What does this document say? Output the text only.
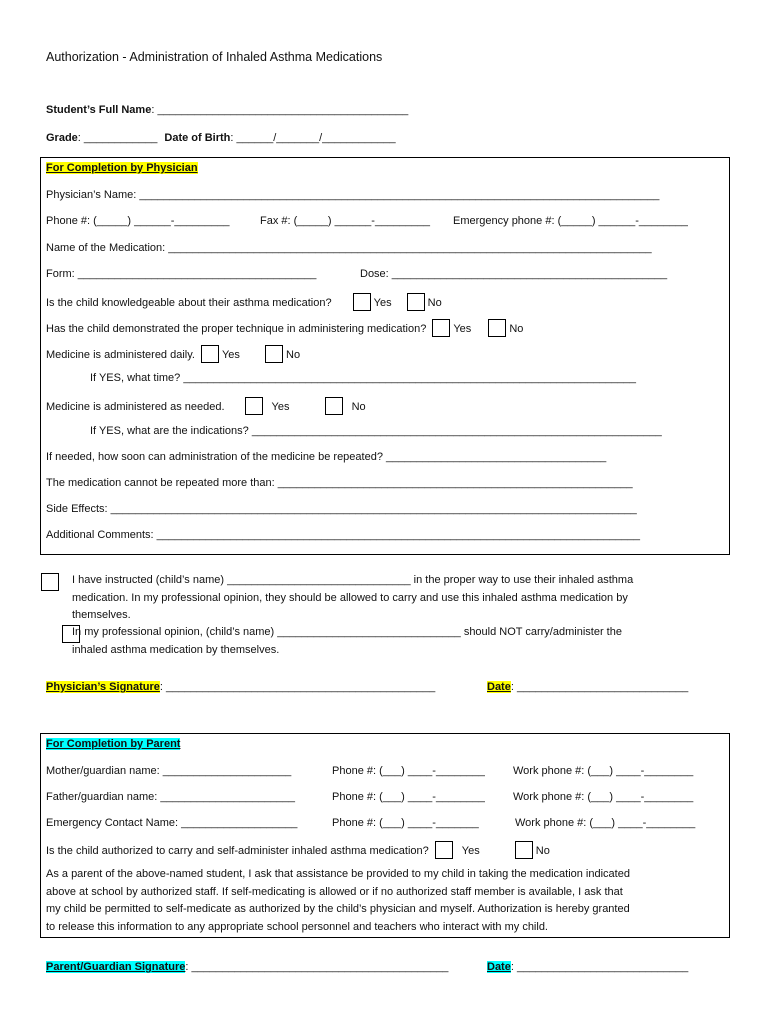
Authorization - Administration of Inhaled Asthma Medications
Student’s Full Name: _________________________________________
Grade: ____________ Date of Birth: ______/_______/____________
For Completion by Physician
Physician’s Name: _____________________________________________________________________________________
Phone #: (_____) ______-_________	Fax #: (_____) ______-_________ Emergency phone #: (_____) ______-________
Name of the Medication: _______________________________________________________________________________
Form: _______________________________________	Dose: _____________________________________________
Is the child knowledgeable about their asthma medication?	Yes	No
Has the child demonstrated the proper technique in administering medication? Yes	No
Medicine is administered daily. Yes	No
If YES, what time? __________________________________________________________________________
Medicine is administered as needed.	Yes	No
If YES, what are the indications? ___________________________________________________________________
If needed, how soon can administration of the medicine be repeated? ____________________________________
The medication cannot be repeated more than: __________________________________________________________
Side Effects: ______________________________________________________________________________________
Additional Comments: _______________________________________________________________________________

I have instructed (child’s name) ______________________________ in the proper way to use their inhaled asthma
medication. In my professional opinion, they should be allowed to carry and use this inhaled asthma medication by
themselves.
In my professional opinion, (child’s name) ______________________________ should NOT carry/administer the
inhaled asthma medication by themselves.
Physician’s Signature: ____________________________________________	Date: ____________________________
For Completion by Parent
Mother/guardian name: _____________________	Phone #: (___) ____-________	Work phone #: (___) ____-________
Father/guardian name: ______________________	Phone #: (___) ____-________	Work phone #: (___) ____-________
Emergency Contact Name: ___________________	Phone #: (___) ____-_______	Work phone #: (___) ____-________
Is the child authorized to carry and self-administer inhaled asthma medication?	Yes	No
As a parent of the above-named student, I ask that assistance be provided to my child in taking the medication indicated
above at school by authorized staff. If self-medicating is allowed or if no authorized staff member is available, I ask that
my child be permitted to self-medicate as authorized by the child’s physician and myself. Authorization is hereby granted
to release this information to any appropriate school personnel and teachers who interact with my child.
Parent/Guardian Signature: __________________________________________	Date: ____________________________
